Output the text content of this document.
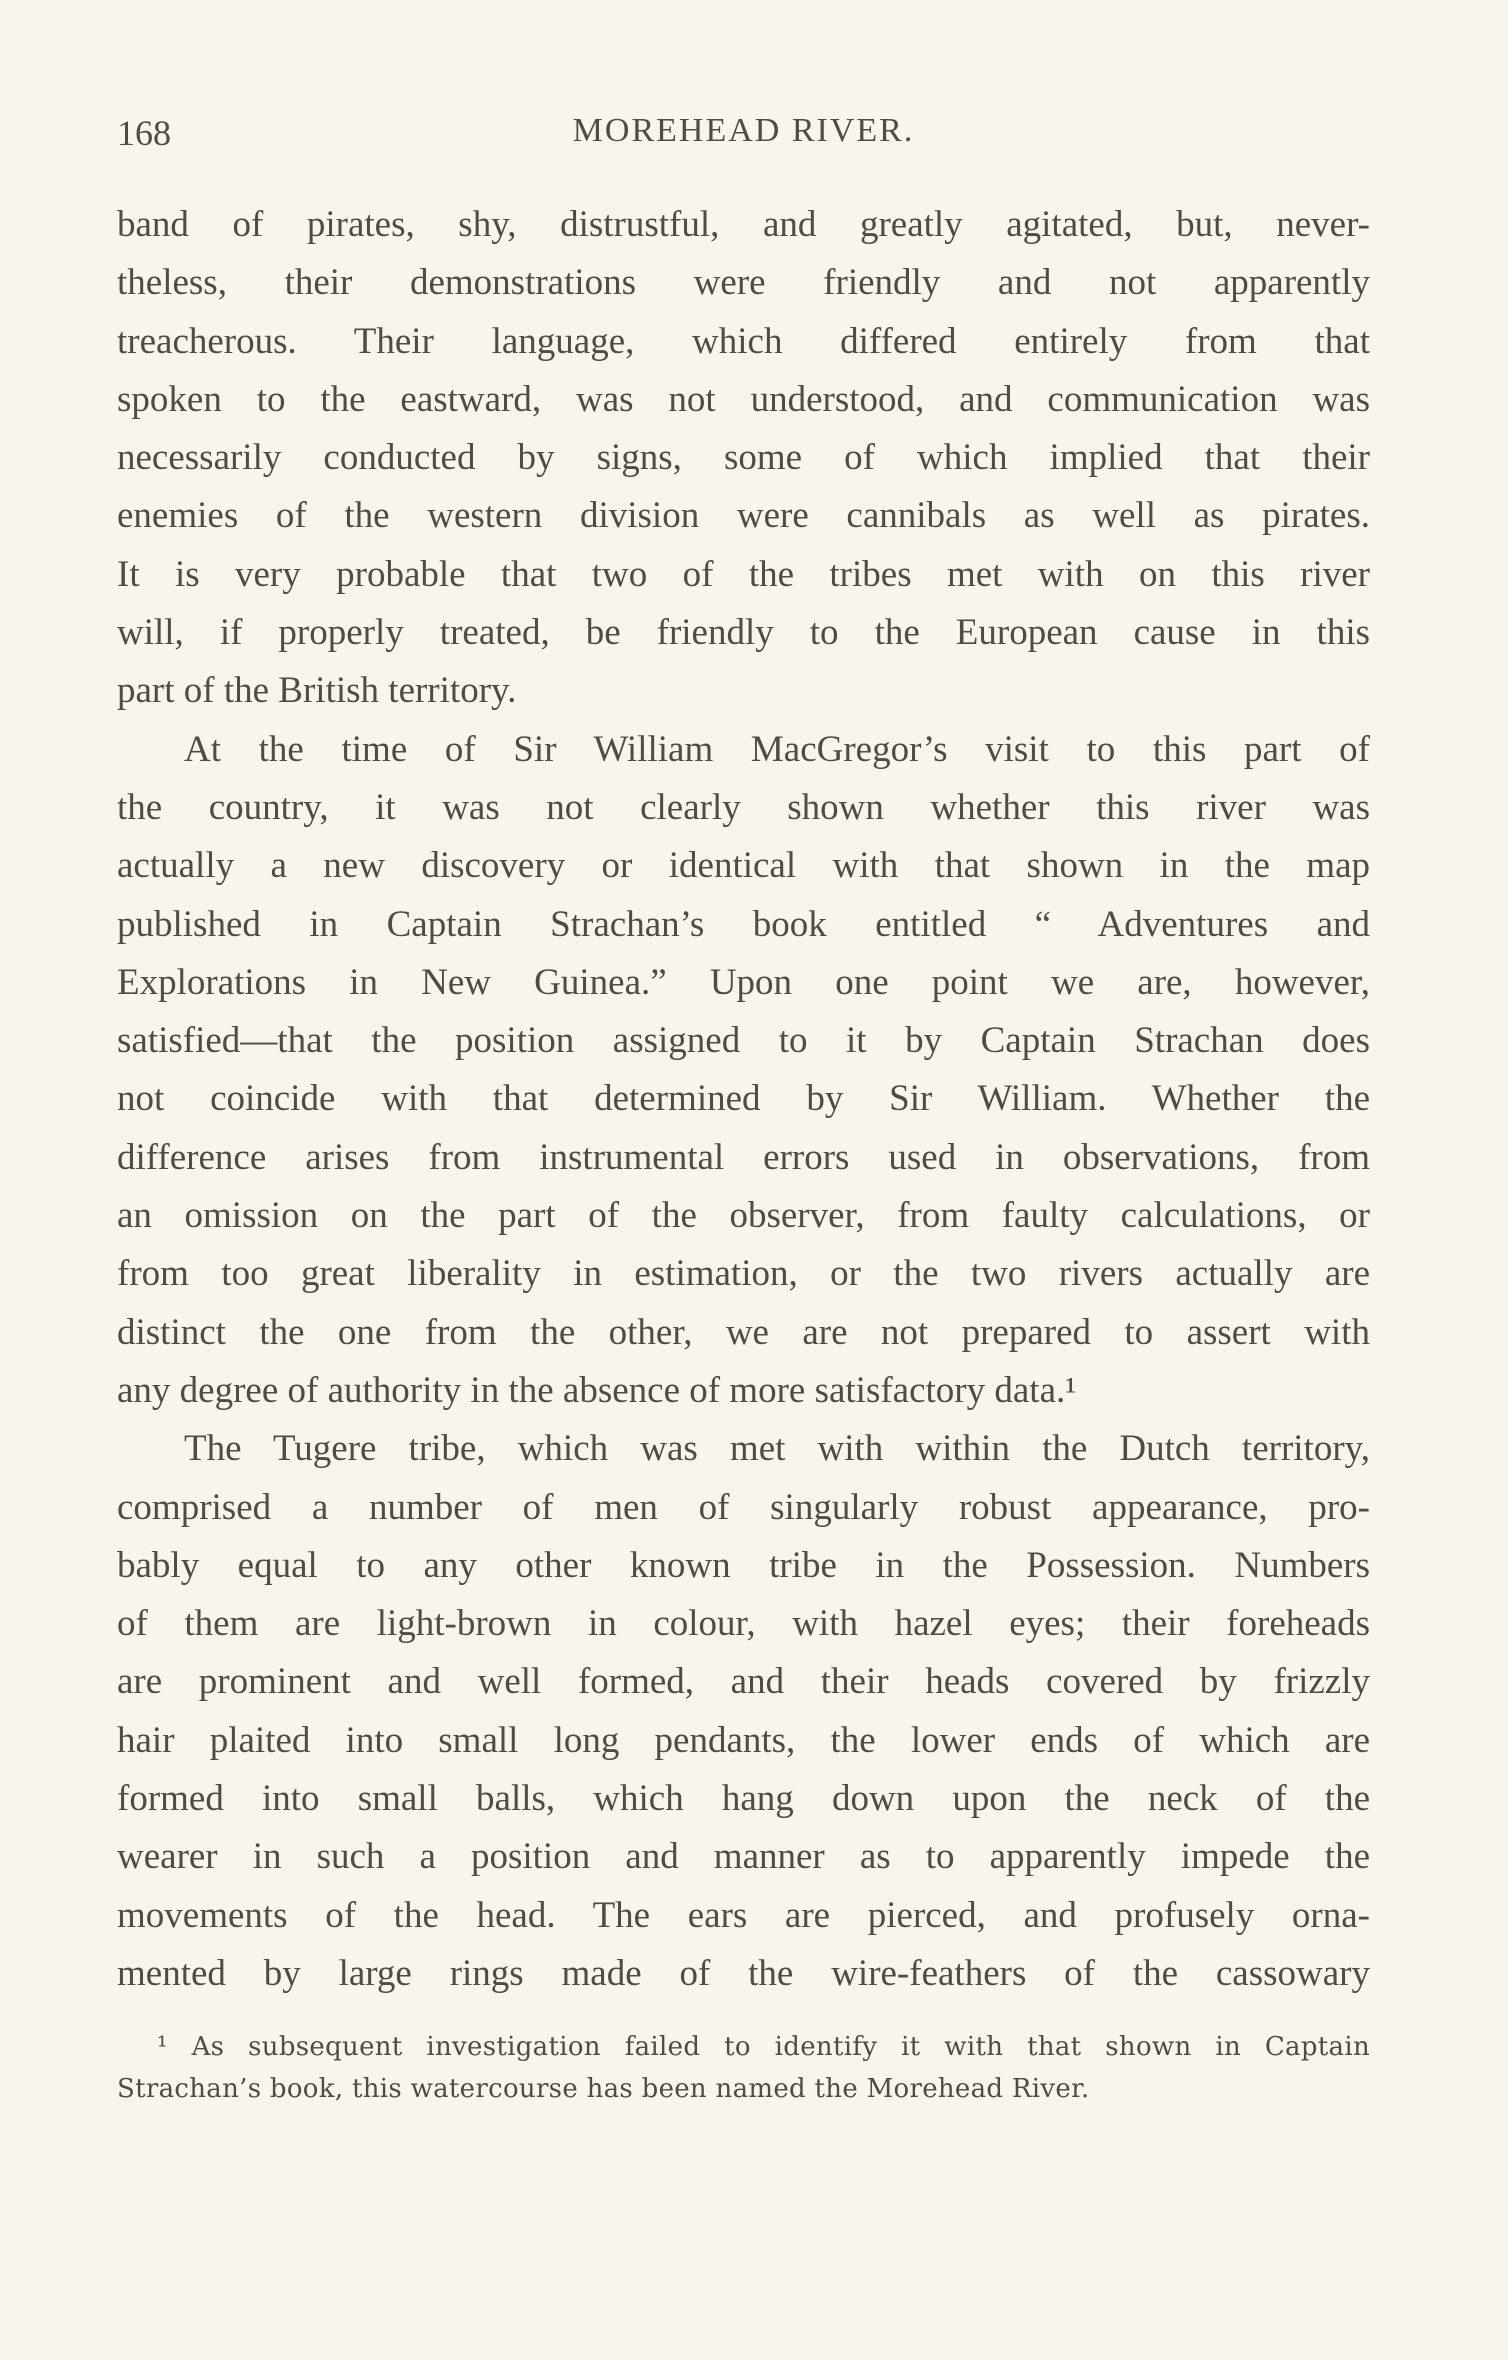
168	MOREHEAD RIVER.
band of pirates, shy, distrustful, and greatly agitated, but, never-
theless, their demonstrations were friendly and not apparently
treacherous. Their language, which differed entirely from that
spoken to the eastward, was not understood, and communication was
necessarily conducted by signs, some of which implied that their
enemies of the western division were cannibals as well as pirates.
It is very probable that two of the tribes met with on this river
will, if properly treated, be friendly to the European cause in this
part of the British territory.
At the time of Sir William MacGregor’s visit to this part of
the country, it was not clearly shown whether this river was
actually a new discovery or identical with that shown in the map
published in Captain Strachan’s book entitled “ Adventures and
Explorations in New Guinea.” Upon one point we are, however,
satisfied—that the position assigned to it by Captain Strachan does
not coincide with that determined by Sir William. Whether the
difference arises from instrumental errors used in observations, from
an omission on the part of the observer, from faulty calculations, or
from too great liberality in estimation, or the two rivers actually are
distinct the one from the other, we are not prepared to assert with
any degree of authority in the absence of more satisfactory data.¹
The Tugere tribe, which was met with within the Dutch territory,
comprised a number of men of singularly robust appearance, pro-
bably equal to any other known tribe in the Possession. Numbers
of them are light-brown in colour, with hazel eyes; their foreheads
are prominent and well formed, and their heads covered by frizzly
hair plaited into small long pendants, the lower ends of which are
formed into small balls, which hang down upon the neck of the
wearer in such a position and manner as to apparently impede the
movements of the head. The ears are pierced, and profusely orna-
mented by large rings made of the wire-feathers of the cassowary
¹ As subsequent investigation failed to identify it with that shown in Captain
Strachan’s book, this watercourse has been named the Morehead River.
